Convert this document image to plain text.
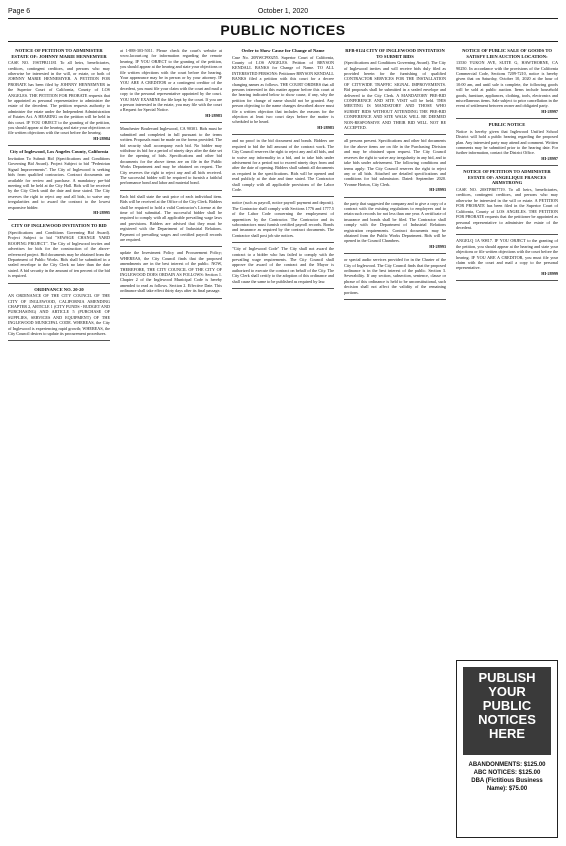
Page 6	October 1, 2020
PUBLIC NOTICES
NOTICE OF PETITION TO ADMINISTER ESTATE OF: JOHNNY MARIE HENNEMYER

CASE NO. 19STPB11181 To all heirs, beneficiaries, creditors, contingent creditors, and persons who may otherwise be interested in the will, or estate, or both of JOHNNY MARIE HENNEMYER. A PETITION FOR PROBATE has been filed by JOHNNY HENNEMYER in the Superior Court of California, County of LOS ANGELES. THE PETITION FOR PROBATE requests that be appointed as personal representative to administer the estate of the decedent. The petition requests authority to administer the estate under the Independent Administration of Estates Act. A HEARING on the petition will be held in this court. IF YOU OBJECT to the granting of the petition, you should appear at the hearing and state your objections or file written objections with the court before the hearing.

HI-28984
City of Inglewood, Los Angeles County, California

Invitation To Submit Bid (Specifications and Conditions Governing Bid Award). Project Subject to bid "Pedestrian Signal Improvements". The City of Inglewood is seeking bids from qualified contractors. Contract documents are available for review and purchase. A mandatory pre-bid meeting will be held at the City Hall. Bids will be received by the City Clerk until the date and time stated. The City reserves the right to reject any and all bids, to waive any irregularities and to award the contract to the lowest responsive bidder.

HI-28995
CITY OF INGLEWOOD INVITATION TO BID

(Specifications and Conditions Governing Bid Award). Project Subject to bid "SEWAGE CHANGE YARD ROOFING PROJECT". The City of Inglewood invites and advertises for bids for the construction of the above-referenced project. Bid documents may be obtained from the Department of Public Works. Bids shall be submitted in a sealed envelope to the City Clerk no later than the date stated. A bid security in the amount of ten percent of the bid is required.

ORDINANCE NO. 20-20

AN ORDINANCE OF THE CITY COUNCIL OF THE CITY OF INGLEWOOD, CALIFORNIA AMENDING CHAPTER 2, ARTICLE 1 (CITY FUNDS - BUDGET AND PURCHASING) AND ARTICLE 5 (PURCHASE OF SUPPLIES, SERVICES AND EQUIPMENT) OF THE INGLEWOOD MUNICIPAL CODE. WHEREAS, the City of Inglewood is experiencing rapid growth; WHEREAS, the City Council desires to update its procurement procedures.

at 1-888-303-5011. Please check the court's website at www.lacourt.org for information regarding the remote hearing. IF YOU OBJECT to the granting of the petition, you should appear at the hearing and state your objections or file written objections with the court before the hearing. Your appearance may be in person or by your attorney. IF YOU ARE A CREDITOR or a contingent creditor of the decedent, you must file your claim with the court and mail a copy to the personal representative appointed by the court. YOU MAY EXAMINE the file kept by the court. If you are a person interested in the estate, you may file with the court a Request for Special Notice.

HI-28983

Manchester Boulevard Inglewood, CA 90301. Bids must be submitted and completed in full pursuant to the terms written. Proposals must be made on the forms provided. The bid security shall accompany each bid. No bidder may withdraw its bid for a period of ninety days after the date set for the opening of bids. Specifications and other bid documents for the above items are on file in the Public Works Department and may be obtained on request. The City reserves the right to reject any and all bids received. The successful bidder will be required to furnish a faithful performance bond and labor and material bond.

Each bid shall state the unit price of each individual item. Bids will be received at the Office of the City Clerk. Bidders shall be required to hold a valid Contractor's License at the time of bid submittal. The successful bidder shall be required to comply with all applicable prevailing wage laws and provisions. Bidders are advised that they must be registered with the Department of Industrial Relations. Payment of prevailing wages and certified payroll records are required.

update the Investment Policy and Procurement Policy; WHEREAS, the City Council finds that the proposed amendments are in the best interest of the public. NOW, THEREFORE, THE CITY COUNCIL OF THE CITY OF INGLEWOOD DOES ORDAIN AS FOLLOWS: Section 1. Chapter 2 of the Inglewood Municipal Code is hereby amended to read as follows. Section 2. Effective Date. This ordinance shall take effect thirty days after its final passage.

Order to Show Cause for Change of Name

Case No. 20NWCP00255. Superior Court of California, County of LOS ANGELES. Petition of BRYSON KENDALL BANKS for Change of Name. TO ALL INTERESTED PERSONS: Petitioner BRYSON KENDALL BANKS filed a petition with this court for a decree changing names as follows. THE COURT ORDERS that all persons interested in this matter appear before this court at the hearing indicated below to show cause, if any, why the petition for change of name should not be granted. Any person objecting to the name changes described above must file a written objection that includes the reasons for the objection at least two court days before the matter is scheduled to be heard.

HI-28983

and no proof in the bid document and bonds. Bidders are required to bid the full amount of the contract work. The City Council reserves the right to reject any and all bids, and to waive any informality in a bid, and to take bids under advisement for a period not to exceed ninety days from and after the date of opening. Bidders shall submit all documents as required in the specifications. Bids will be opened and read publicly at the date and time stated. The Contractor shall comply with all applicable provisions of the Labor Code.

notice (such as payroll, notice payroll payment and deposit). The Contractor shall comply with Sections 1776 and 1777.5 of the Labor Code concerning the employment of apprentices by the Contractor. The Contractor and its subcontractors must furnish certified payroll records. Bonds and insurance as required by the contract documents. The Contractor shall post job site notices.

"City of Inglewood Code" The City shall not award the contract to a bidder who has failed to comply with the prevailing wage requirements. The City Council shall approve the award of the contract and the Mayor is authorized to execute the contract on behalf of the City. The City Clerk shall certify to the adoption of this ordinance and shall cause the same to be published as required by law.

RFB-0124 CITY OF INGLEWOOD INVITATION TO SUBMIT BIDS

(Specifications and Conditions Governing Award). The City of Inglewood invites and will receive bids duly filed as provided herein for the furnishing of qualified CONTRACTOR SERVICES FOR THE INSTALLATION OF CITYWIDE TRAFFIC SIGNAL IMPROVEMENTS. Bid proposals shall be submitted in a sealed envelope and delivered to the City Clerk. A MANDATORY PRE-BID CONFERENCE AND SITE VISIT will be held. THIS MEETING IS MANDATORY AND THOSE WHO SUBMIT BIDS WITHOUT ATTENDING THE PRE-BID CONFERENCE AND SITE WALK WILL BE DEEMED NON-RESPONSIVE AND THEIR BID WILL NOT BE ACCEPTED.

all persons present. Specifications and other bid documents for the above items are on file in the Purchasing Division and may be obtained upon request. The City Council reserves the right to waive any irregularity in any bid, and to take bids under advisement. The following conditions and terms apply: The City Council reserves the right to reject any or all bids. Attached are detailed specifications and conditions for bid submission. Dated: September 2020. Yvonne Horton, City Clerk.

HI-28993

the party that suggested the company and to give a copy of a contract with the existing regulations to employees and to retain such records for not less than one year. A certificate of insurance and bonds shall be filed. The Contractor shall comply with the Department of Industrial Relations registration requirements. Contract documents may be obtained from the Public Works Department. Bids will be opened in the Council Chambers.

HI-28993

or special audio services provided for in the Charter of the City of Inglewood. The City Council finds that the proposed ordinance is in the best interest of the public. Section 3. Severability. If any section, subsection, sentence, clause or phrase of this ordinance is held to be unconstitutional, such decision shall not affect the validity of the remaining portions.

NOTICE OF PUBLIC SALE OF GOODS TO SATISFY LIEN AUCTION LOCATION:

13530 YUKON AVE, SUITE G, HAWTHORNE, CA 90250. In accordance with the provisions of the California Commercial Code, Sections 7209-7210, notice is hereby given that on Saturday, October 10, 2020 at the hour of 10:00 am, and until sale is complete, the following goods will be sold at public auction. Items include household goods, furniture, appliances, clothing, tools, electronics and miscellaneous items. Sale subject to prior cancellation in the event of settlement between owner and obligated party.

HI-28997
PUBLIC NOTICE

Notice is hereby given that Inglewood Unified School District will hold a public hearing regarding the proposed plan. Any interested party may attend and comment. Written comments may be submitted prior to the hearing date. For further information, contact the District Office.

HI-28997
NOTICE OF PETITION TO ADMINISTER ESTATE OF: ANGELIQUE FRANCES ARMSTRONG

CASE NO. 20STPB07719. To all heirs, beneficiaries, creditors, contingent creditors, and persons who may otherwise be interested in the will or estate. A PETITION FOR PROBATE has been filed in the Superior Court of California, County of LOS ANGELES. THE PETITION FOR PROBATE requests that the petitioner be appointed as personal representative to administer the estate of the decedent.

ANGELQ 1A 90817. IF YOU OBJECT to the granting of the petition, you should appear at the hearing and state your objections or file written objections with the court before the hearing. IF YOU ARE A CREDITOR, you must file your claim with the court and mail a copy to the personal representative.

HI-28999
PUBLISH YOUR PUBLIC NOTICES HERE
ABANDONMENTS: $125.00
ABC NOTICES: $125.00
DBA (Fictitious Business Name): $75.00
